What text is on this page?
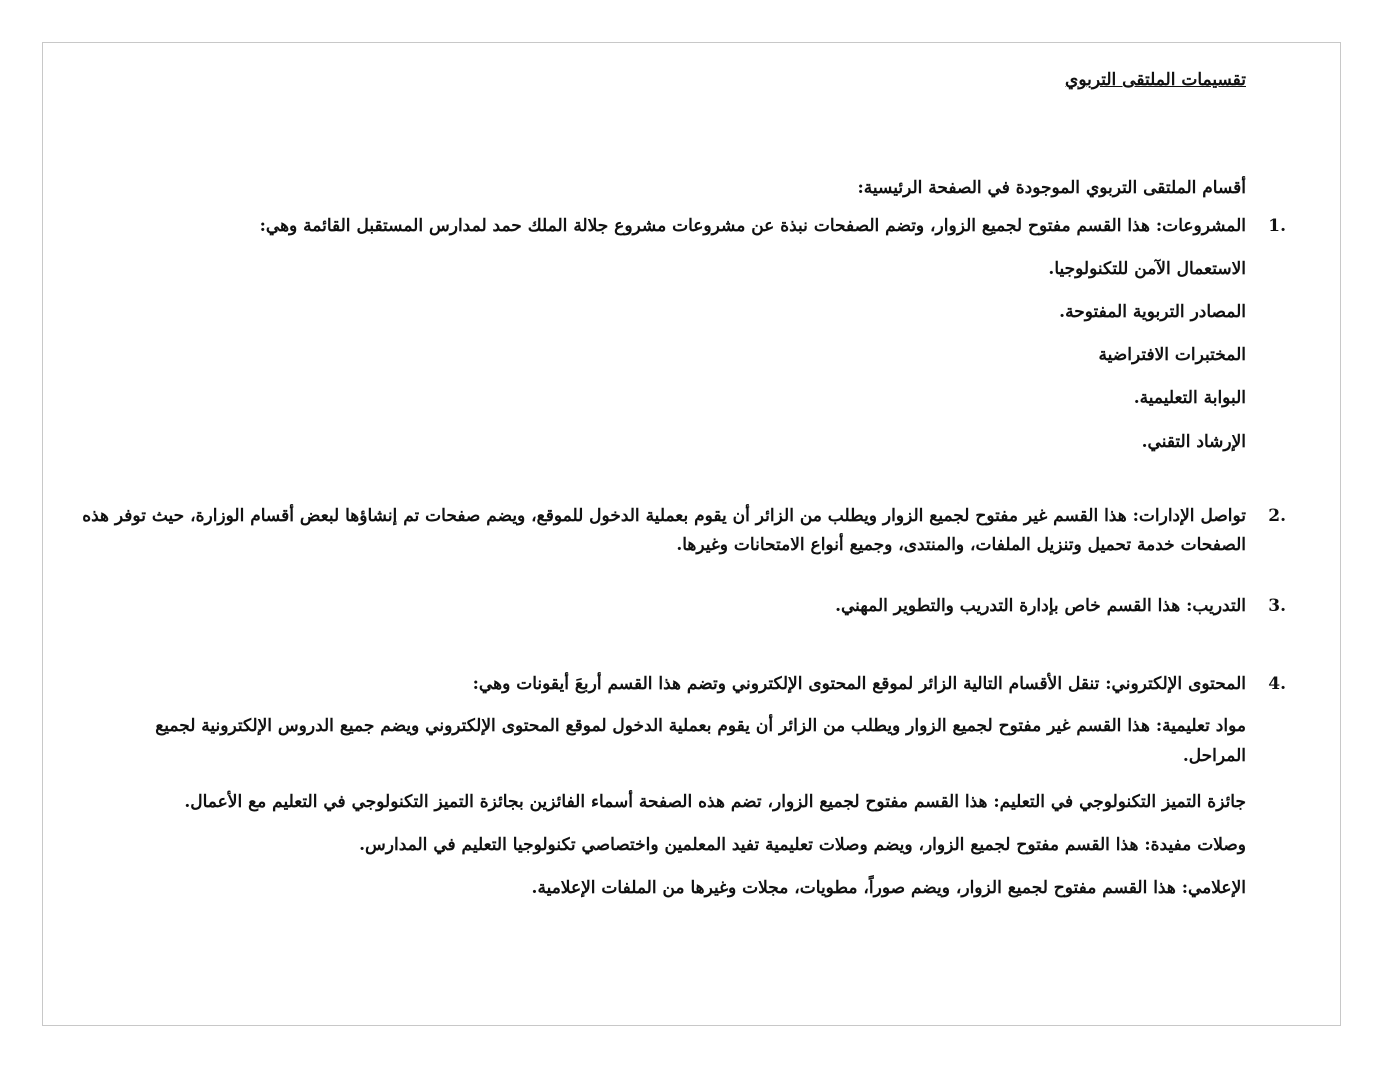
تقسيمات الملتقى التربوي
أقسام الملتقى التربوي الموجودة في الصفحة الرئيسية:
1.
المشروعات: هذا القسم مفتوح لجميع الزوار، وتضم الصفحات نبذة عن مشروعات مشروع جلالة الملك حمد لمدارس المستقبل القائمة وهي:
الاستعمال الآمن للتكنولوجيا.
المصادر التربوية المفتوحة.
المختبرات الافتراضية
البوابة التعليمية.
الإرشاد التقني.
2.
تواصل الإدارات: هذا القسم غير مفتوح لجميع الزوار ويطلب من الزائر أن يقوم بعملية الدخول للموقع، ويضم صفحات تم إنشاؤها لبعض أقسام الوزارة، حيث توفر هذه الصفحات خدمة تحميل وتنزيل الملفات، والمنتدى، وجميع أنواع الامتحانات وغيرها.
3.
التدريب: هذا القسم خاص بإدارة التدريب والتطوير المهني.
4.
المحتوى الإلكتروني: تنقل الأقسام التالية الزائر لموقع المحتوى الإلكتروني وتضم هذا القسم أربعَ أيقونات وهي:
مواد تعليمية: هذا القسم غير مفتوح لجميع الزوار ويطلب من الزائر أن يقوم بعملية الدخول لموقع المحتوى الإلكتروني ويضم جميع الدروس الإلكترونية لجميع المراحل.
جائزة التميز التكنولوجي في التعليم: هذا القسم مفتوح لجميع الزوار، تضم هذه الصفحة أسماء الفائزين بجائزة التميز التكنولوجي في التعليم مع الأعمال.
وصلات مفيدة: هذا القسم مفتوح لجميع الزوار، ويضم وصلات تعليمية تفيد المعلمين واختصاصي تكنولوجيا التعليم في المدارس.
الإعلامي: هذا القسم مفتوح لجميع الزوار، ويضم صوراً، مطويات، مجلات وغيرها من الملفات الإعلامية.
